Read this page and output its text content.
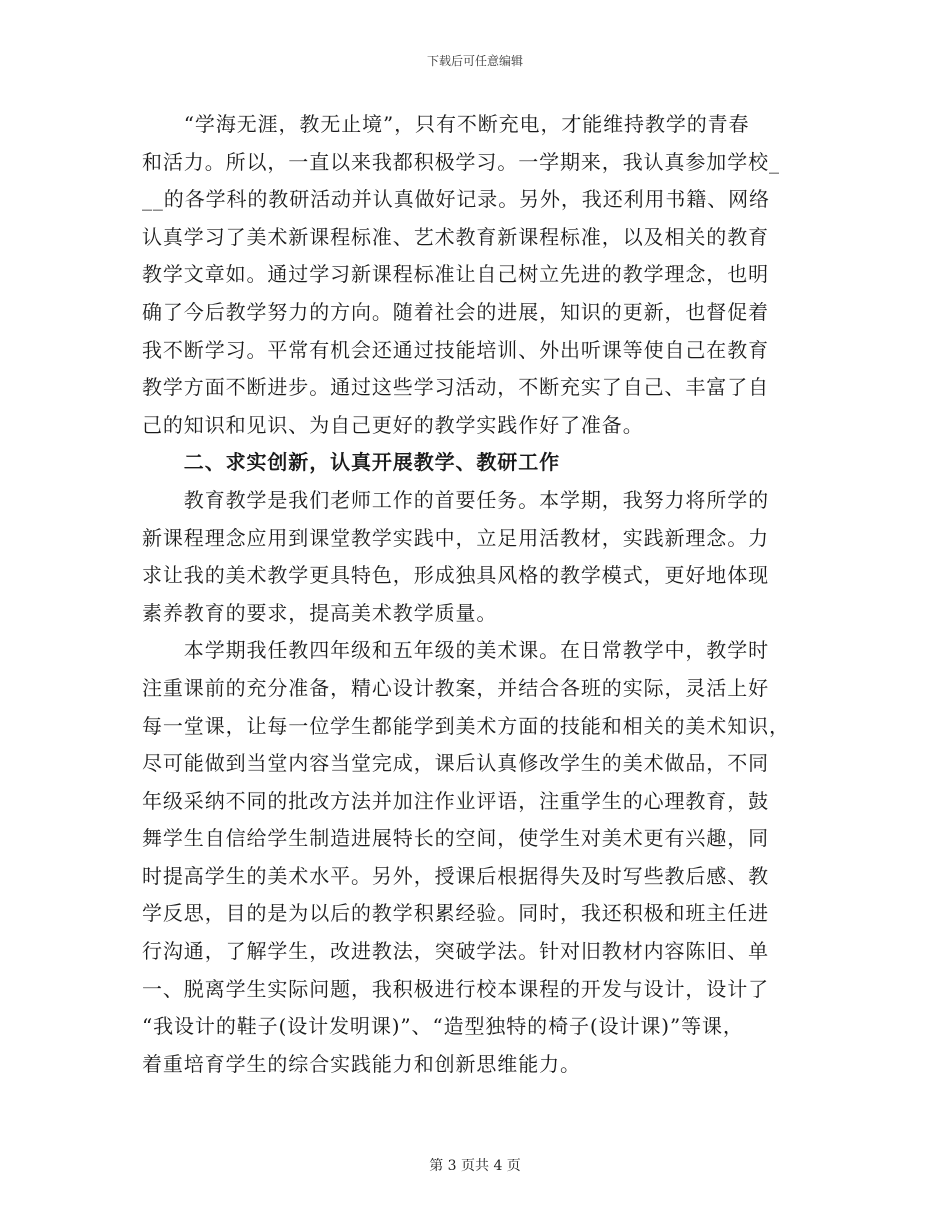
下载后可任意编辑
　　“学海无涯，教无止境”，只有不断充电，才能维持教学的青春
和活力。所以，一直以来我都积极学习。一学期来，我认真参加学校_
__的各学科的教研活动并认真做好记录。另外，我还利用书籍、网络
认真学习了美术新课程标准、艺术教育新课程标准，以及相关的教育
教学文章如。通过学习新课程标准让自己树立先进的教学理念，也明
确了今后教学努力的方向。随着社会的进展，知识的更新，也督促着
我不断学习。平常有机会还通过技能培训、外出听课等使自己在教育
教学方面不断进步。通过这些学习活动，不断充实了自己、丰富了自
己的知识和见识、为自己更好的教学实践作好了准备。
　　二、求实创新，认真开展教学、教研工作
　　教育教学是我们老师工作的首要任务。本学期，我努力将所学的
新课程理念应用到课堂教学实践中，立足用活教材，实践新理念。力
求让我的美术教学更具特色，形成独具风格的教学模式，更好地体现
素养教育的要求，提高美术教学质量。
　　本学期我任教四年级和五年级的美术课。在日常教学中，教学时
注重课前的充分准备，精心设计教案，并结合各班的实际，灵活上好
每一堂课，让每一位学生都能学到美术方面的技能和相关的美术知识，
尽可能做到当堂内容当堂完成，课后认真修改学生的美术做品，不同
年级采纳不同的批改方法并加注作业评语，注重学生的心理教育，鼓
舞学生自信给学生制造进展特长的空间，使学生对美术更有兴趣，同
时提高学生的美术水平。另外，授课后根据得失及时写些教后感、教
学反思，目的是为以后的教学积累经验。同时，我还积极和班主任进
行沟通，了解学生，改进教法，突破学法。针对旧教材内容陈旧、单
一、脱离学生实际问题，我积极进行校本课程的开发与设计，设计了
“我设计的鞋子(设计发明课)”、“造型独特的椅子(设计课)”等课，
着重培育学生的综合实践能力和创新思维能力。
第 3 页共 4 页
